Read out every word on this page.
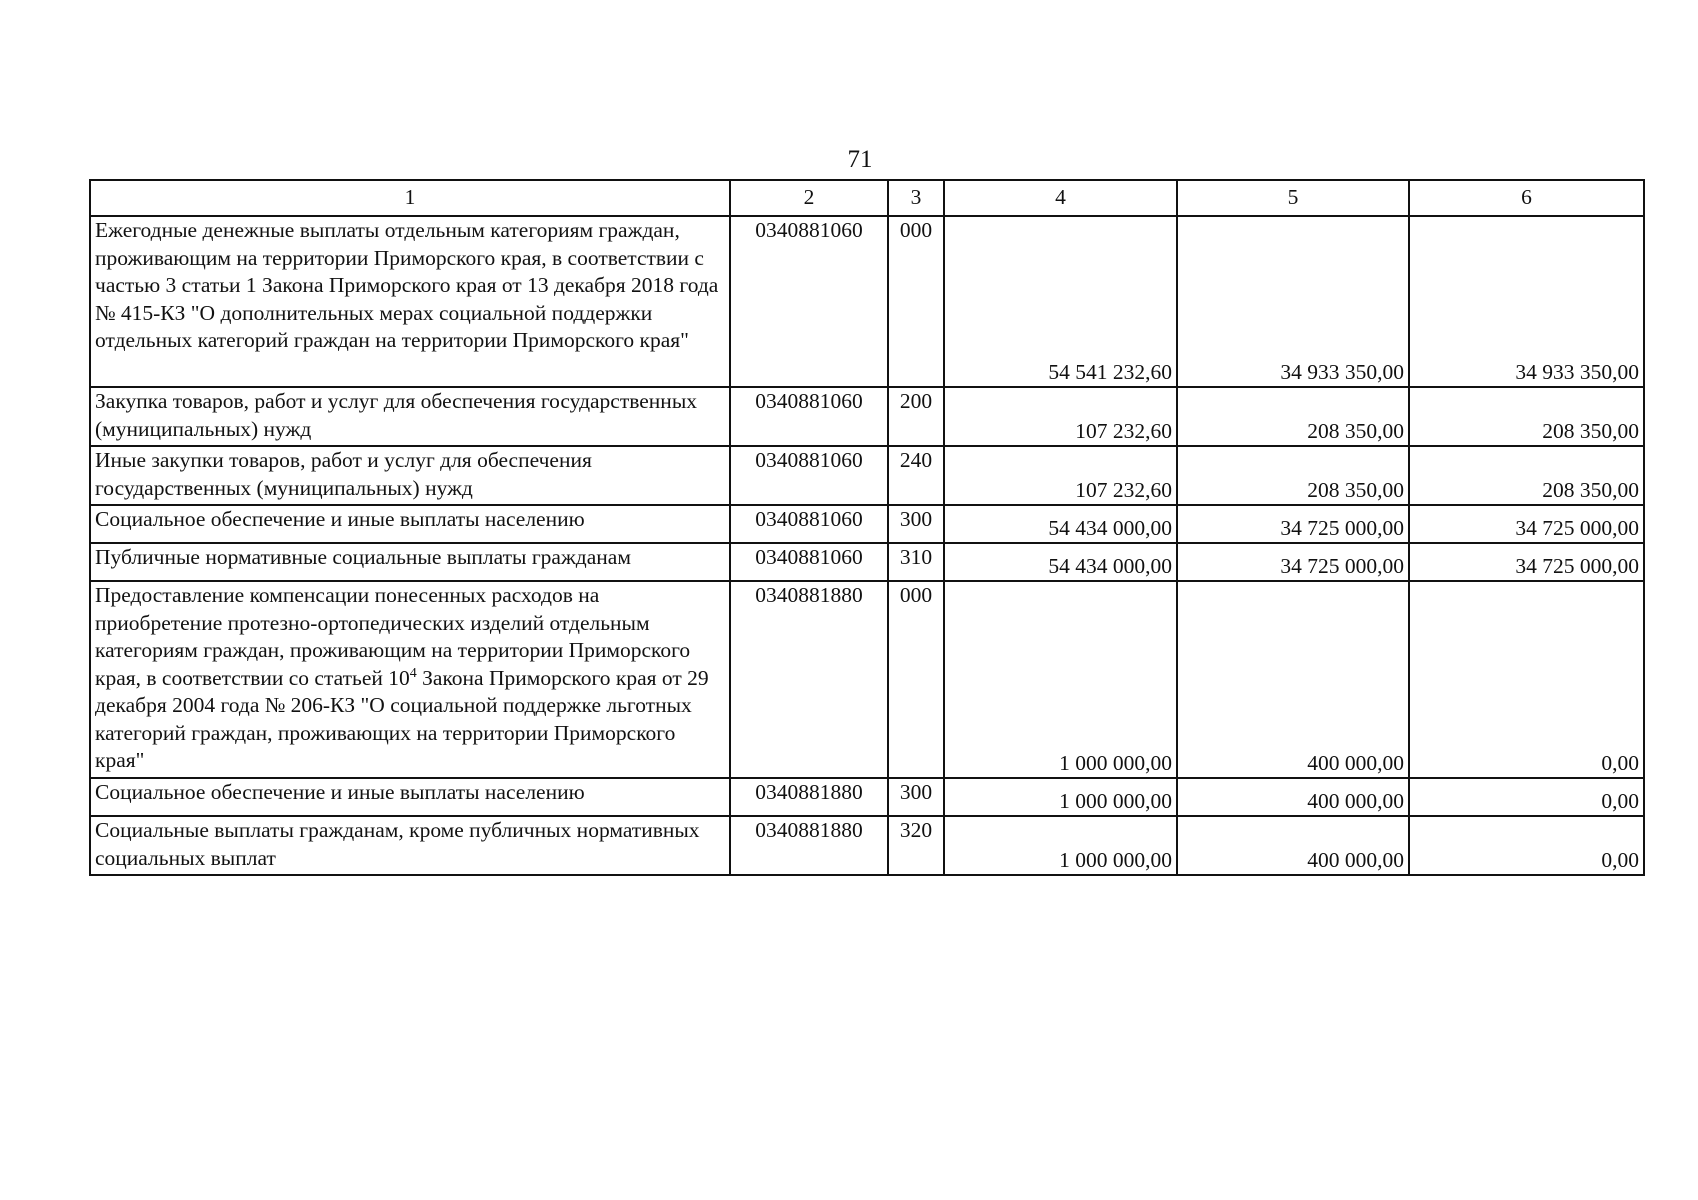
71
1	2	3	4	5	6
Ежегодные денежные выплаты отдельным категориям граждан, проживающим на территории Приморского края, в соответствии с частью 3 статьи 1 Закона Приморского края от 13 декабря 2018 года № 415-КЗ "О дополнительных мерах социальной поддержки отдельных категорий граждан на территории Приморского края"	0340881060	000	54 541 232,60	34 933 350,00	34 933 350,00
Закупка товаров, работ и услуг для обеспечения государственных (муниципальных) нужд	0340881060	200	107 232,60	208 350,00	208 350,00
Иные закупки товаров, работ и услуг для обеспечения государственных (муниципальных) нужд	0340881060	240	107 232,60	208 350,00	208 350,00
Социальное обеспечение и иные выплаты населению	0340881060	300	54 434 000,00	34 725 000,00	34 725 000,00
Публичные нормативные социальные выплаты гражданам	0340881060	310	54 434 000,00	34 725 000,00	34 725 000,00
Предоставление компенсации понесенных расходов на приобретение протезно-ортопедических изделий отдельным категориям граждан, проживающим на территории Приморского края, в соответствии со статьей $10^4$ Закона Приморского края от 29 декабря 2004 года № 206-КЗ "О социальной поддержке льготных категорий граждан, проживающих на территории Приморского края"	0340881880	000	1 000 000,00	400 000,00	0,00
Социальное обеспечение и иные выплаты населению	0340881880	300	1 000 000,00	400 000,00	0,00
Социальные выплаты гражданам, кроме публичных нормативных социальных выплат	0340881880	320	1 000 000,00	400 000,00	0,00
